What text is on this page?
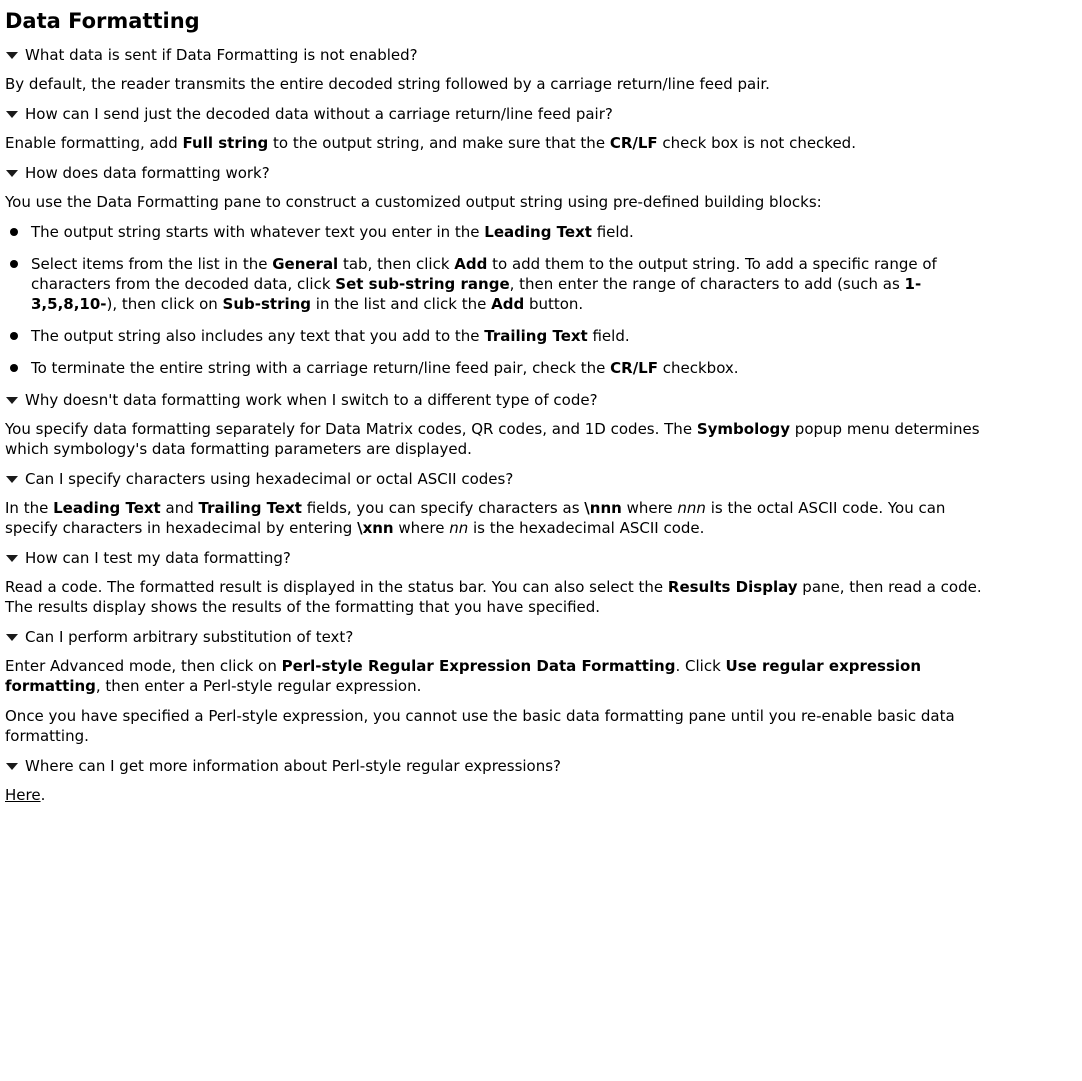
Data Formatting
What data is sent if Data Formatting is not enabled?

By default, the reader transmits the entire decoded string followed by a carriage return/line feed pair.

How can I send just the decoded data without a carriage return/line feed pair?

Enable formatting, add Full string to the output string, and make sure that the CR/LF check box is not checked.

How does data formatting work?

You use the Data Formatting pane to construct a customized output string using pre-defined building blocks:

The output string starts with whatever text you enter in the Leading Text field.
Select items from the list in the General tab, then click Add to add them to the output string. To add a specific range of characters from the decoded data, click Set sub-string range, then enter the range of characters to add (such as 1-3,5,8,10-), then click on Sub-string in the list and click the Add button.
The output string also includes any text that you add to the Trailing Text field.
To terminate the entire string with a carriage return/line feed pair, check the CR/LF checkbox.
Why doesn't data formatting work when I switch to a different type of code?

You specify data formatting separately for Data Matrix codes, QR codes, and 1D codes. The Symbology popup menu determines which symbology's data formatting parameters are displayed.

Can I specify characters using hexadecimal or octal ASCII codes?

In the Leading Text and Trailing Text fields, you can specify characters as \nnn where nnn is the octal ASCII code. You can specify characters in hexadecimal by entering \xnn where nn is the hexadecimal ASCII code.

How can I test my data formatting?

Read a code. The formatted result is displayed in the status bar. You can also select the Results Display pane, then read a code. The results display shows the results of the formatting that you have specified.

Can I perform arbitrary substitution of text?

Enter Advanced mode, then click on Perl-style Regular Expression Data Formatting. Click Use regular expression formatting, then enter a Perl-style regular expression.

Once you have specified a Perl-style expression, you cannot use the basic data formatting pane until you re-enable basic data formatting.

Where can I get more information about Perl-style regular expressions?

Here.
